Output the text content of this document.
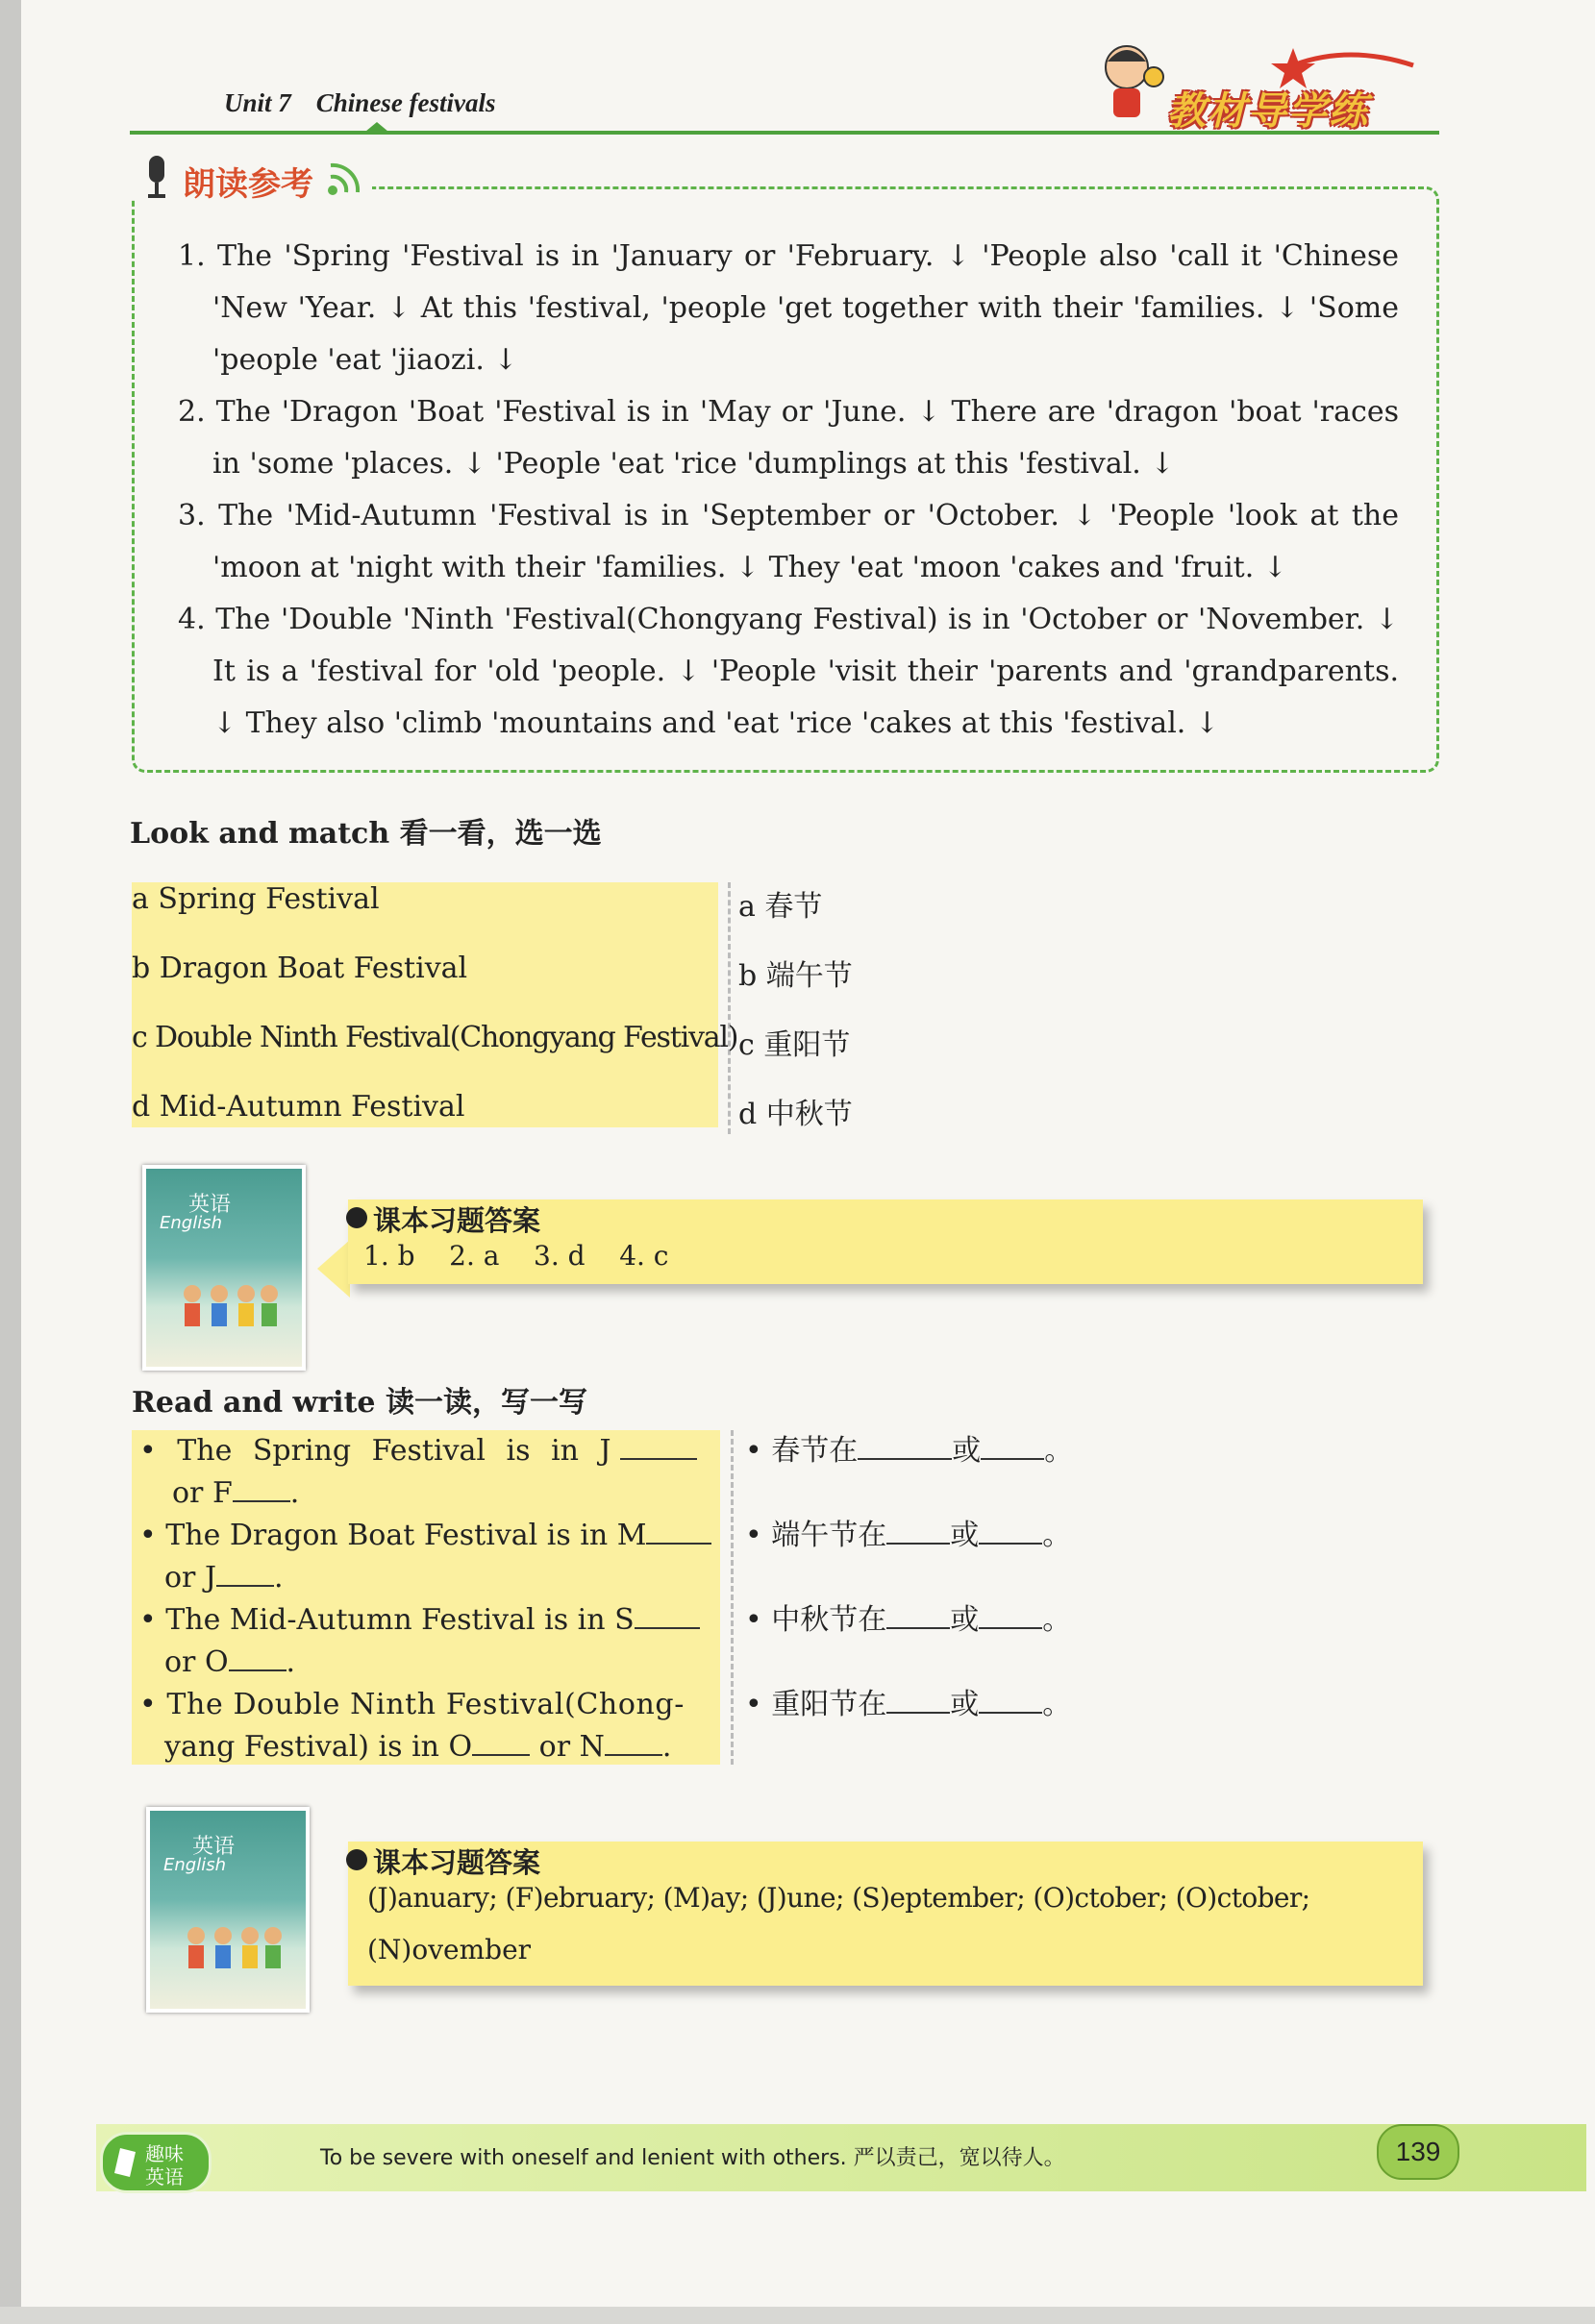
Unit 7 Chinese festivals	教材导学练
朗读参考

1. The 'Spring 'Festival is in 'January or 'February. ↓ 'People also 'call it 'Chinese 'New 'Year. ↓ At this 'festival, 'people 'get together with their 'families. ↓ 'Some 'people 'eat 'jiaozi. ↓

2. The 'Dragon 'Boat 'Festival is in 'May or 'June. ↓ There are 'dragon 'boat 'races in 'some 'places. ↓ 'People 'eat 'rice 'dumplings at this 'festival. ↓

3. The 'Mid-Autumn 'Festival is in 'September or 'October. ↓ 'People 'look at the 'moon at 'night with their 'families. ↓ They 'eat 'moon 'cakes and 'fruit. ↓

4. The 'Double 'Ninth 'Festival(Chongyang Festival) is in 'October or 'November. ↓ It is a 'festival for 'old 'people. ↓ 'People 'visit their 'parents and 'grandparents. ↓ They also 'climb 'mountains and 'eat 'rice 'cakes at this 'festival. ↓

Look and match 看一看，选一选
a Spring Festival
b Dragon Boat Festival
c Double Ninth Festival(Chongyang Festival)
d Mid-Autumn Festival
a 春节
b 端午节
c 重阳节
d 中秋节
英语
English	课本习题答案
1. b    2. a    3. d    4. c
Read and write 读一读，写一写
• The Spring Festival is in J
or F .
• The Dragon Boat Festival is in M
or J .
• The Mid-Autumn Festival is in S
or O .
• The Double Ninth Festival(Chong-
yang Festival) is in O or N .
• 春节在	或 。
• 端午节在 或 。
• 中秋节在 或 。
• 重阳节在 或 。
英语
English	课本习题答案
(J)anuary; (F)ebruary; (M)ay; (J)une; (S)eptember; (O)ctober; (O)ctober;
(N)ovember
趣味
英语
To be severe with oneself and lenient with others. 严以责己，宽以待人。	139
